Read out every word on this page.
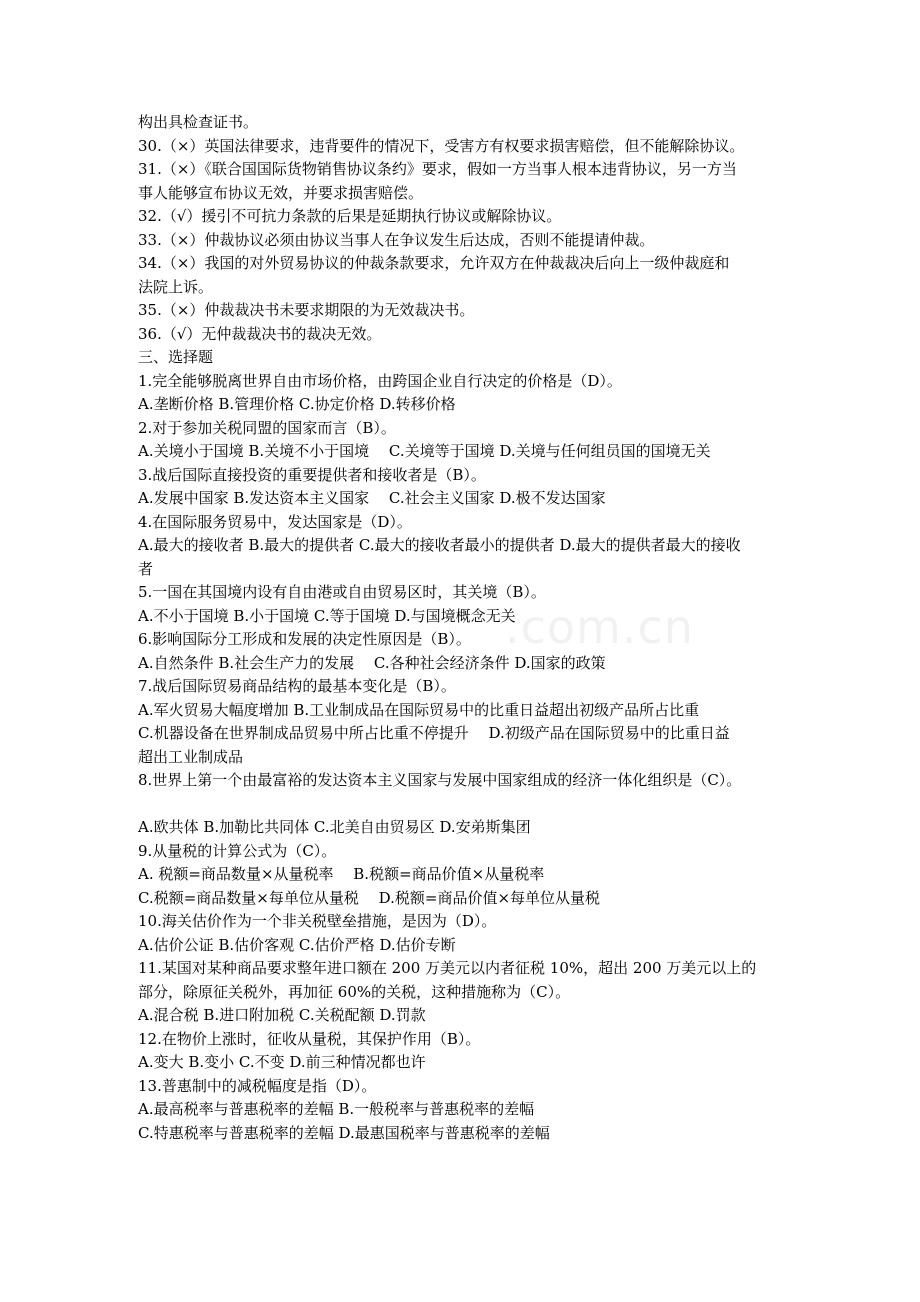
.com.cn

构出具检查证书。

30.（×）英国法律要求，违背要件的情况下，受害方有权要求损害赔偿，但不能解除协议。

31.（×）《联合国国际货物销售协议条约》要求，假如一方当事人根本违背协议，另一方当

事人能够宣布协议无效，并要求损害赔偿。

32.（√）援引不可抗力条款的后果是延期执行协议或解除协议。

33.（×）仲裁协议必须由协议当事人在争议发生后达成，否则不能提请仲裁。

34.（×）我国的对外贸易协议的仲裁条款要求，允许双方在仲裁裁决后向上一级仲裁庭和

法院上诉。

35.（×）仲裁裁决书未要求期限的为无效裁决书。

36.（√）无仲裁裁决书的裁决无效。

三、选择题

1.完全能够脱离世界自由市场价格，由跨国企业自行决定的价格是（D）。

A.垄断价格 B.管理价格 C.协定价格 D.转移价格

2.对于参加关税同盟的国家而言（B）。

A.关境小于国境 B.关境不小于国境　 C.关境等于国境 D.关境与任何组员国的国境无关

3.战后国际直接投资的重要提供者和接收者是（B）。

A.发展中国家 B.发达资本主义国家　 C.社会主义国家 D.极不发达国家

4.在国际服务贸易中，发达国家是（D）。

A.最大的接收者 B.最大的提供者 C.最大的接收者最小的提供者 D.最大的提供者最大的接收

者

5.一国在其国境内设有自由港或自由贸易区时，其关境（B）。

A.不小于国境 B.小于国境 C.等于国境 D.与国境概念无关

6.影响国际分工形成和发展的决定性原因是（B）。

A.自然条件 B.社会生产力的发展　 C.各种社会经济条件 D.国家的政策

7.战后国际贸易商品结构的最基本变化是（B）。

A.军火贸易大幅度增加 B.工业制成品在国际贸易中的比重日益超出初级产品所占比重

C.机器设备在世界制成品贸易中所占比重不停提升　 D.初级产品在国际贸易中的比重日益

超出工业制成品

8.世界上第一个由最富裕的发达资本主义国家与发展中国家组成的经济一体化组织是（C）。

A.欧共体 B.加勒比共同体 C.北美自由贸易区 D.安弟斯集团

9.从量税的计算公式为（C）。

A. 税额=商品数量×从量税率　 B.税额=商品价值×从量税率

C.税额=商品数量×每单位从量税　 D.税额=商品价值×每单位从量税

10.海关估价作为一个非关税壁垒措施，是因为（D）。

A.估价公证 B.估价客观 C.估价严格 D.估价专断

11.某国对某种商品要求整年进口额在 200 万美元以内者征税 10%，超出 200 万美元以上的

部分，除原征关税外，再加征 60%的关税，这种措施称为（C）。

A.混合税 B.进口附加税 C.关税配额 D.罚款

12.在物价上涨时，征收从量税，其保护作用（B）。

A.变大 B.变小 C.不变 D.前三种情况都也许

13.普惠制中的减税幅度是指（D）。

A.最高税率与普惠税率的差幅 B.一般税率与普惠税率的差幅

C.特惠税率与普惠税率的差幅 D.最惠国税率与普惠税率的差幅
